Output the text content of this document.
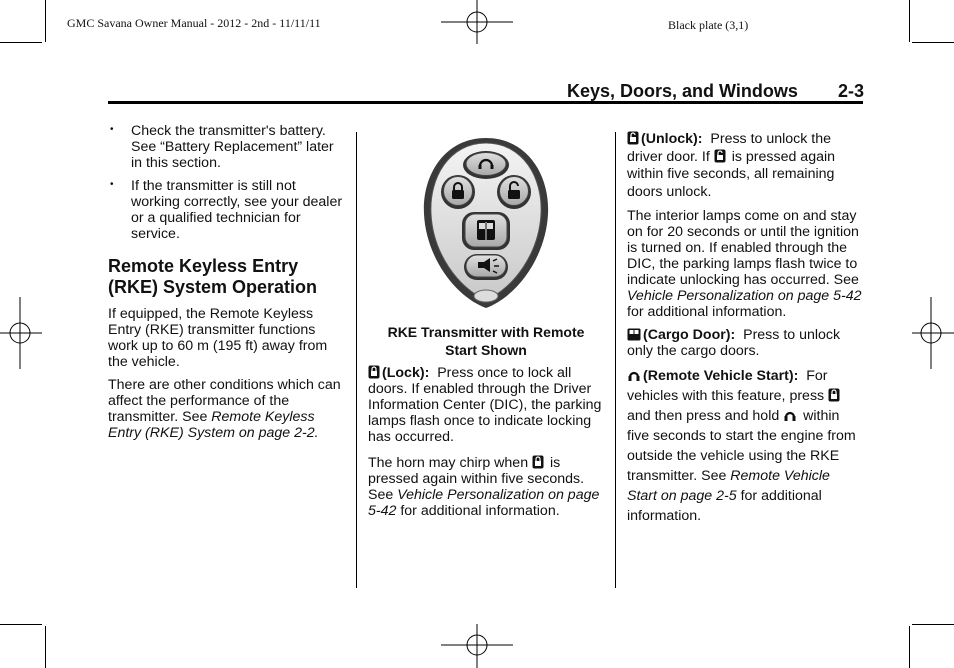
GMC Savana Owner Manual - 2012 - 2nd - 11/11/11	Black plate (3,1)
Keys, Doors, and Windows 2-3
• Check the transmitter's battery. See “Battery Replacement” later in this section.
• If the transmitter is still not working correctly, see your dealer or a qualified technician for service.
Remote Keyless Entry
(RKE) System Operation

If equipped, the Remote Keyless Entry (RKE) transmitter functions work up to 60 m (195 ft) away from the vehicle.

There are other conditions which can affect the performance of the transmitter. See Remote Keyless Entry (RKE) System on page 2‑2.

RKE Transmitter with Remote
Start Shown

(Lock): Press once to lock all doors. If enabled through the Driver Information Center (DIC), the parking lamps flash once to indicate locking has occurred.

The horn may chirp when is pressed again within five seconds. See Vehicle Personalization on page 5‑42 for additional information.

(Unlock): Press to unlock the driver door. If is pressed again within five seconds, all remaining doors unlock.

The interior lamps come on and stay on for 20 seconds or until the ignition is turned on. If enabled through the DIC, the parking lamps flash twice to indicate unlocking has occurred. See Vehicle Personalization on page 5‑42 for additional information.

(Cargo Door): Press to unlock only the cargo doors.

(Remote Vehicle Start): For vehicles with this feature, press  and then press and hold within five seconds to start the engine from outside the vehicle using the RKE transmitter. See Remote Vehicle Start on page 2‑5 for additional information.
